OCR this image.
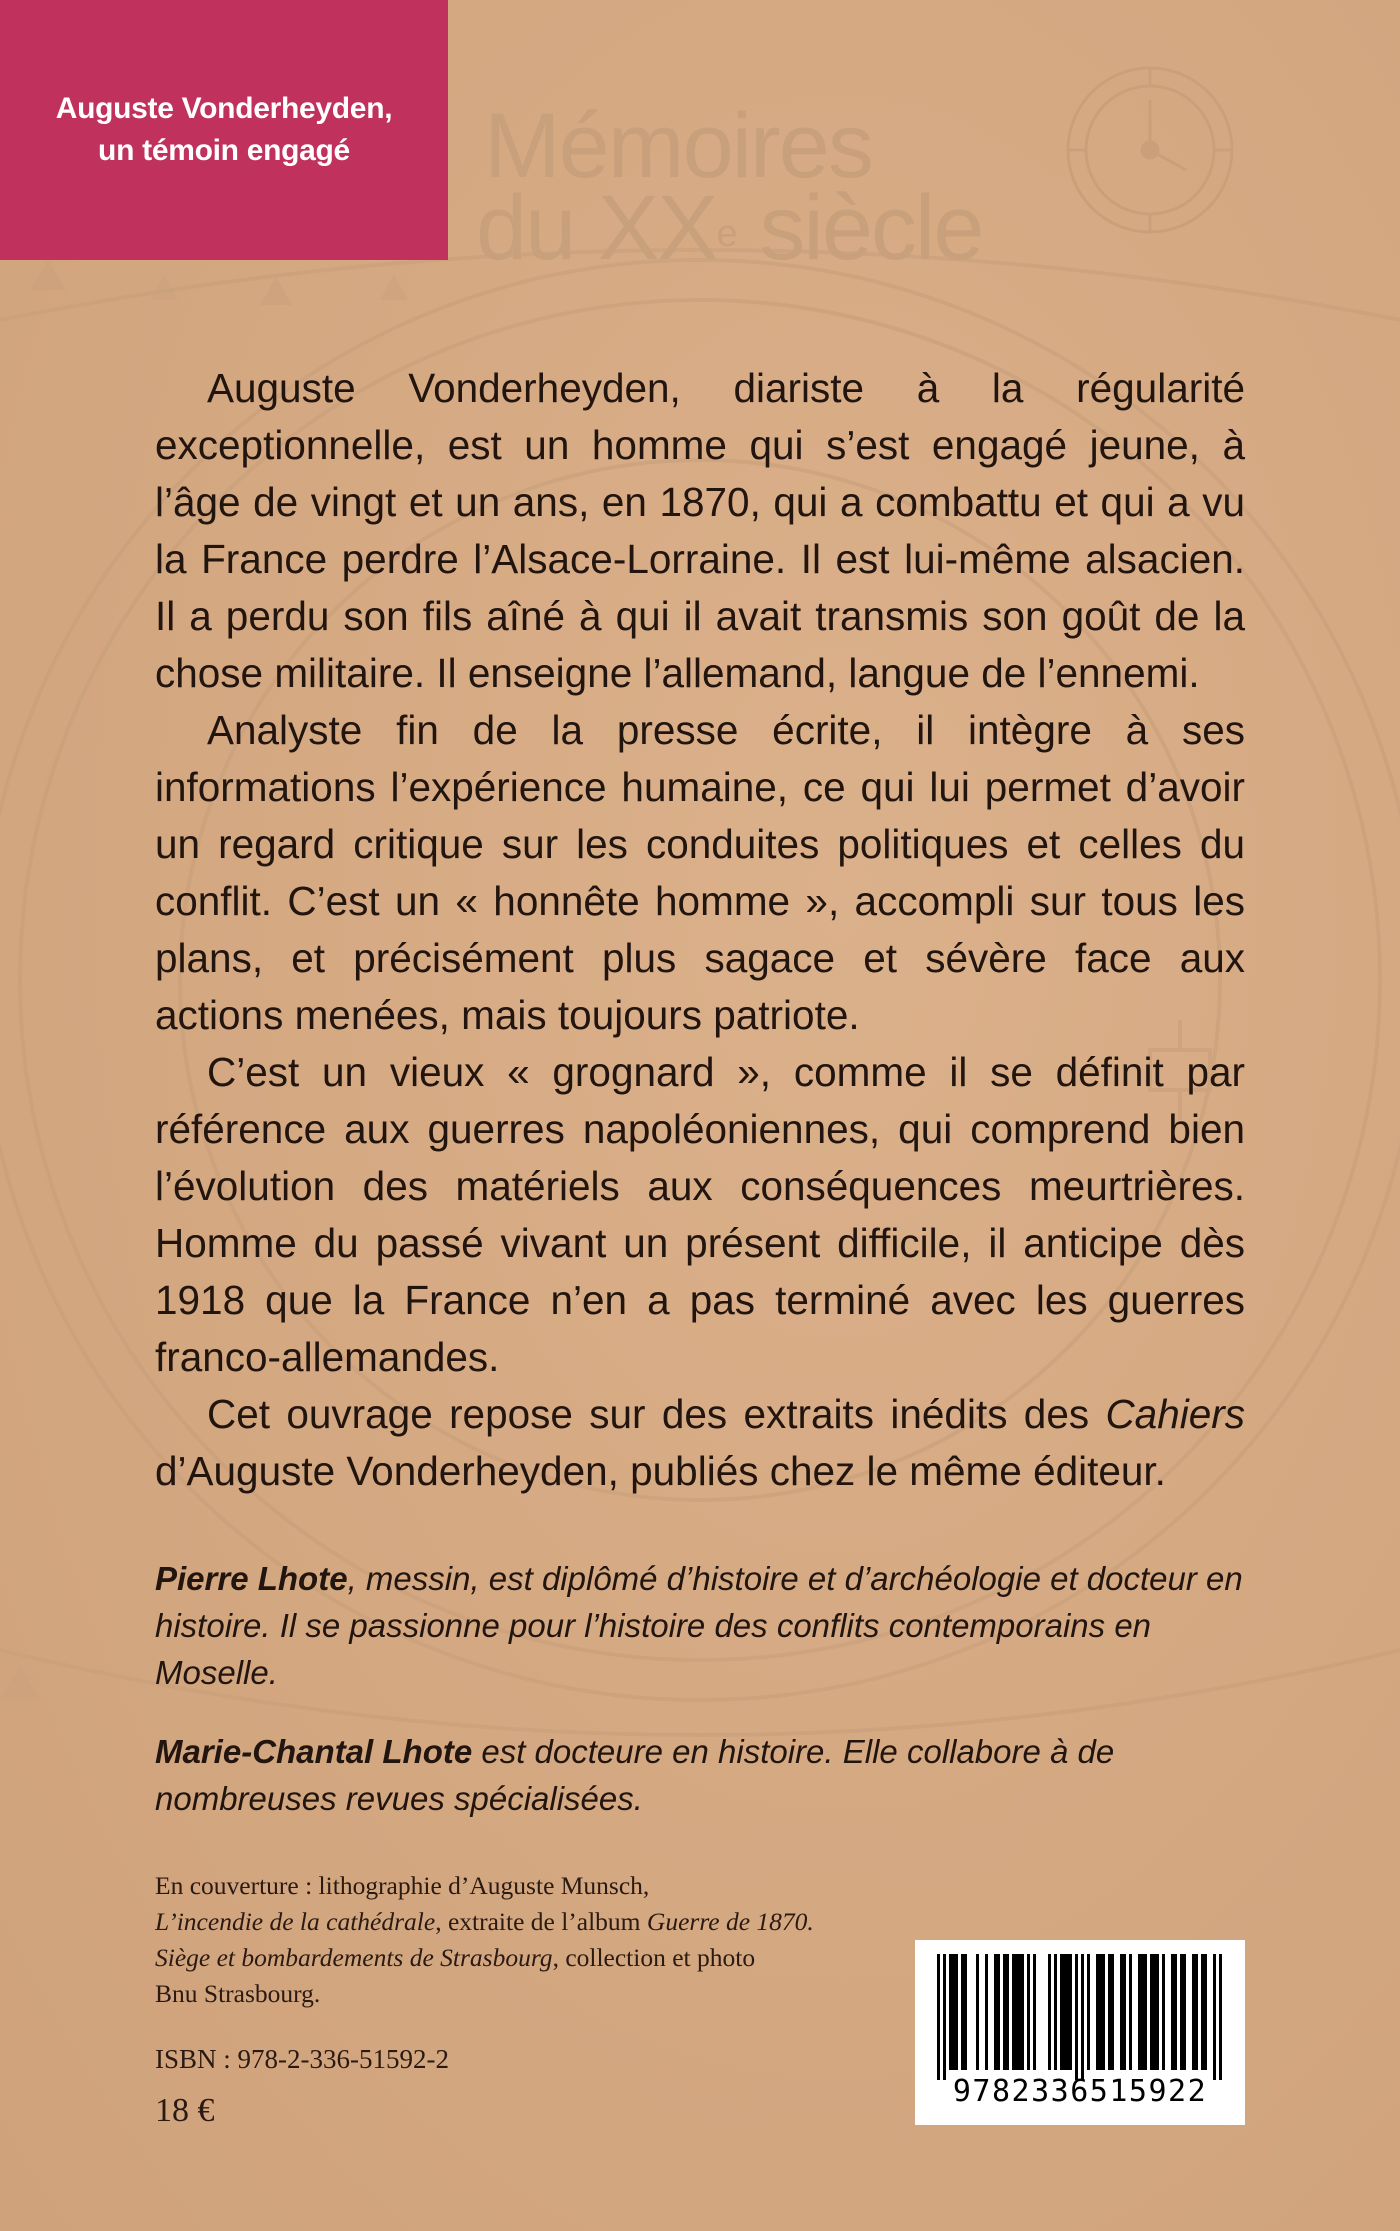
Auguste Vonderheyden,
un témoin engagé Mémoires
du XXe siècle

Auguste Vonderheyden, diariste à la régularité exceptionnelle, est un homme qui s’est engagé jeune, à l’âge de vingt et un ans, en 1870, qui a combattu et qui a vu la France perdre l’Alsace-Lorraine. Il est lui-même alsacien. Il a perdu son fils aîné à qui il avait transmis son goût de la chose militaire. Il enseigne l’allemand, langue de l’ennemi.

Analyste fin de la presse écrite, il intègre à ses informations l’expérience humaine, ce qui lui permet d’avoir un regard critique sur les conduites politiques et celles du conflit. C’est un « honnête homme », accompli sur tous les plans, et précisément plus sagace et sévère face aux actions menées, mais toujours patriote.

C’est un vieux « grognard », comme il se définit par référence aux guerres napoléoniennes, qui comprend bien l’évolution des matériels aux conséquences meurtrières. Homme du passé vivant un présent difficile, il anticipe dès 1918 que la France n’en a pas terminé avec les guerres franco-allemandes.

Cet ouvrage repose sur des extraits inédits des Cahiers d’Auguste Vonderheyden, publiés chez le même éditeur.

Pierre Lhote, messin, est diplômé d’histoire et d’archéologie et docteur en histoire. Il se passionne pour l’histoire des conflits contemporains en Moselle.

Marie-Chantal Lhote est docteure en histoire. Elle collabore à de nombreuses revues spécialisées.

En couverture : lithographie d’Auguste Munsch,

L’incendie de la cathédrale, extraite de l’album Guerre de 1870.

Siège et bombardements de Strasbourg, collection et photo

Bnu Strasbourg.

ISBN : 978-2-336-51592-2
18 €
9782336515922
